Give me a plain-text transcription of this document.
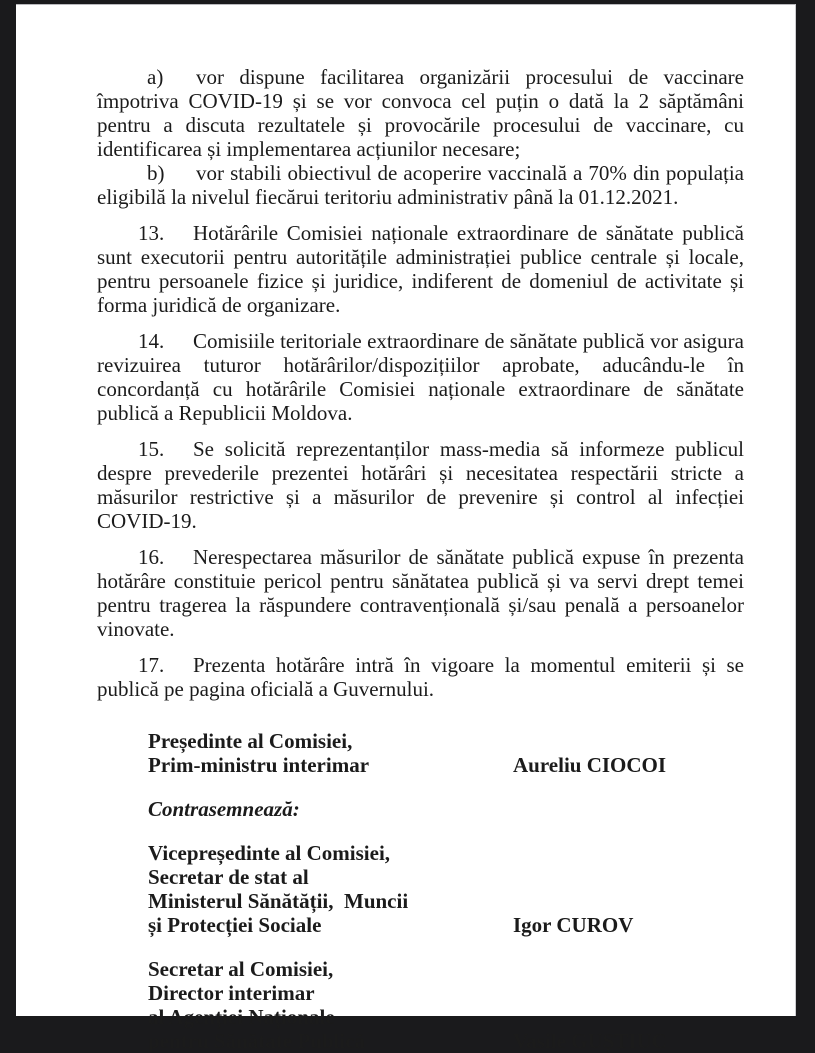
a) vor dispune facilitarea organizării procesului de vaccinare împotriva COVID-19 și se vor convoca cel puțin o dată la 2 săptămâni pentru a discuta rezultatele și provocările procesului de vaccinare, cu identificarea și implementarea acțiunilor necesare;

b) vor stabili obiectivul de acoperire vaccinală a 70% din populația eligibilă la nivelul fiecărui teritoriu administrativ până la 01.12.2021.

13. Hotărârile Comisiei naționale extraordinare de sănătate publică sunt executorii pentru autoritățile administrației publice centrale și locale, pentru persoanele fizice și juridice, indiferent de domeniul de activitate și forma juridică de organizare.

14. Comisiile teritoriale extraordinare de sănătate publică vor asigura revizuirea tuturor hotărârilor/dispozițiilor aprobate, aducându-le în concordanță cu hotărârile Comisiei naționale extraordinare de sănătate publică a Republicii Moldova.

15. Se solicită reprezentanților mass-media să informeze publicul despre prevederile prezentei hotărâri și necesitatea respectării stricte a măsurilor restrictive și a măsurilor de prevenire și control al infecției COVID-19.

16. Nerespectarea măsurilor de sănătate publică expuse în prezenta hotărâre constituie pericol pentru sănătatea publică și va servi drept temei pentru tragerea la răspundere contravențională și/sau penală a persoanelor vinovate.

17. Prezenta hotărâre intră în vigoare la momentul emiterii și se publică pe pagina oficială a Guvernului.

Președinte al Comisiei,
Prim-ministru interimar	Aureliu CIOCOI
Contrasemnează:
Vicepreședinte al Comisiei,
Secretar de stat al
Ministerul Sănătății,  Muncii
și Protecției Sociale	Igor CUROV
Secretar al Comisiei,
Director interimar
al Agenției Naționale
pentru Sănătate Publică	Vasile GUȘTIUC
